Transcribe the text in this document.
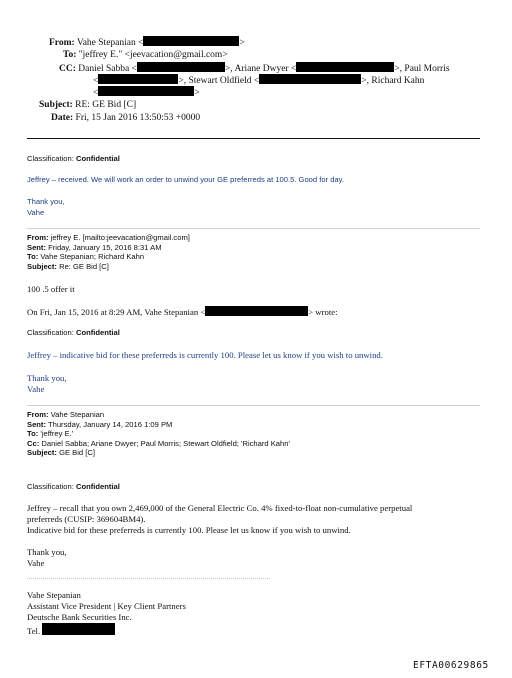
From: Vahe Stepanian <	>
To: "jeffrey E." <jeevacation@gmail.com>
CC: Daniel Sabba <	>, Ariane Dwyer <	>, Paul Morris
<	>, Stewart Oldfield <	>, Richard Kahn
<	>
Subject: RE: GE Bid [C]
Date: Fri, 15 Jan 2016 13:50:53 +0000
Classification: Confidential
Jeffrey – received. We will work an order to unwind your GE preferreds at 100.5. Good for day.
Thank you,
Vahe
From: jeffrey E. [mailto:jeevacation@gmail.com]
Sent: Friday, January 15, 2016 8:31 AM
To: Vahe Stepanian; Richard Kahn
Subject: Re: GE Bid [C]
100 .5 offer it
On Fri, Jan 15, 2016 at 8:29 AM, Vahe Stepanian <	> wrote:
Classification: Confidential
Jeffrey – indicative bid for these preferreds is currently 100. Please let us know if you wish to unwind.
Thank you,
Vahe
From: Vahe Stepanian
Sent: Thursday, January 14, 2016 1:09 PM
To: 'jeffrey E.'
Cc: Daniel Sabba; Ariane Dwyer; Paul Morris; Stewart Oldfield; 'Richard Kahn'
Subject: GE Bid [C]
Classification: Confidential
Jeffrey – recall that you own 2,469,000 of the General Electric Co. 4% fixed-to-float non-cumulative perpetual
preferreds (CUSIP: 369604BM4).
Indicative bid for these preferreds is currently 100. Please let us know if you wish to unwind.
Thank you,
Vahe
Vahe Stepanian
Assistant Vice President | Key Client Partners
Deutsche Bank Securities Inc.
Tel.
EFTA00629865
